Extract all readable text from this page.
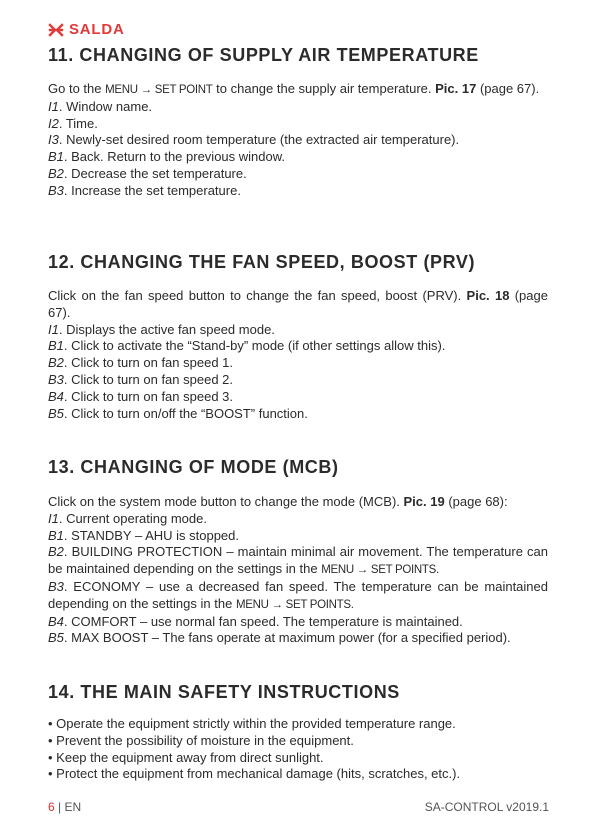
SALDA
11. CHANGING OF SUPPLY AIR TEMPERATURE

Go to the MENU → SET POINT to change the supply air temperature. Pic. 17 (page 67).

I1. Window name.

I2. Time.

I3. Newly-set desired room temperature (the extracted air temperature).

B1. Back. Return to the previous window.

B2. Decrease the set temperature.

B3. Increase the set temperature.

12. CHANGING THE FAN SPEED, BOOST (PRV)

Click on the fan speed button to change the fan speed, boost (PRV). Pic. 18 (page 67).

I1. Displays the active fan speed mode.

B1. Click to activate the “Stand-by” mode (if other settings allow this).

B2. Click to turn on fan speed 1.

B3. Click to turn on fan speed 2.

B4. Click to turn on fan speed 3.

B5. Click to turn on/off the “BOOST” function.

13. CHANGING OF MODE (MCB)

Click on the system mode button to change the mode (MCB). Pic. 19 (page 68):

I1. Current operating mode.

B1. STANDBY – AHU is stopped.

B2. BUILDING PROTECTION – maintain minimal air movement. The temperature can be maintained depending on the settings in the MENU → SET POINTS.

B3. ECONOMY – use a decreased fan speed. The temperature can be maintained depending on the settings in the MENU → SET POINTS.

B4. COMFORT – use normal fan speed. The temperature is maintained.

B5. MAX BOOST – The fans operate at maximum power (for a specified period).

14. THE MAIN SAFETY INSTRUCTIONS

• Operate the equipment strictly within the provided temperature range.

• Prevent the possibility of moisture in the equipment.

• Keep the equipment away from direct sunlight.

• Protect the equipment from mechanical damage (hits, scratches, etc.).

6 | EN	SA-CONTROL v2019.1
